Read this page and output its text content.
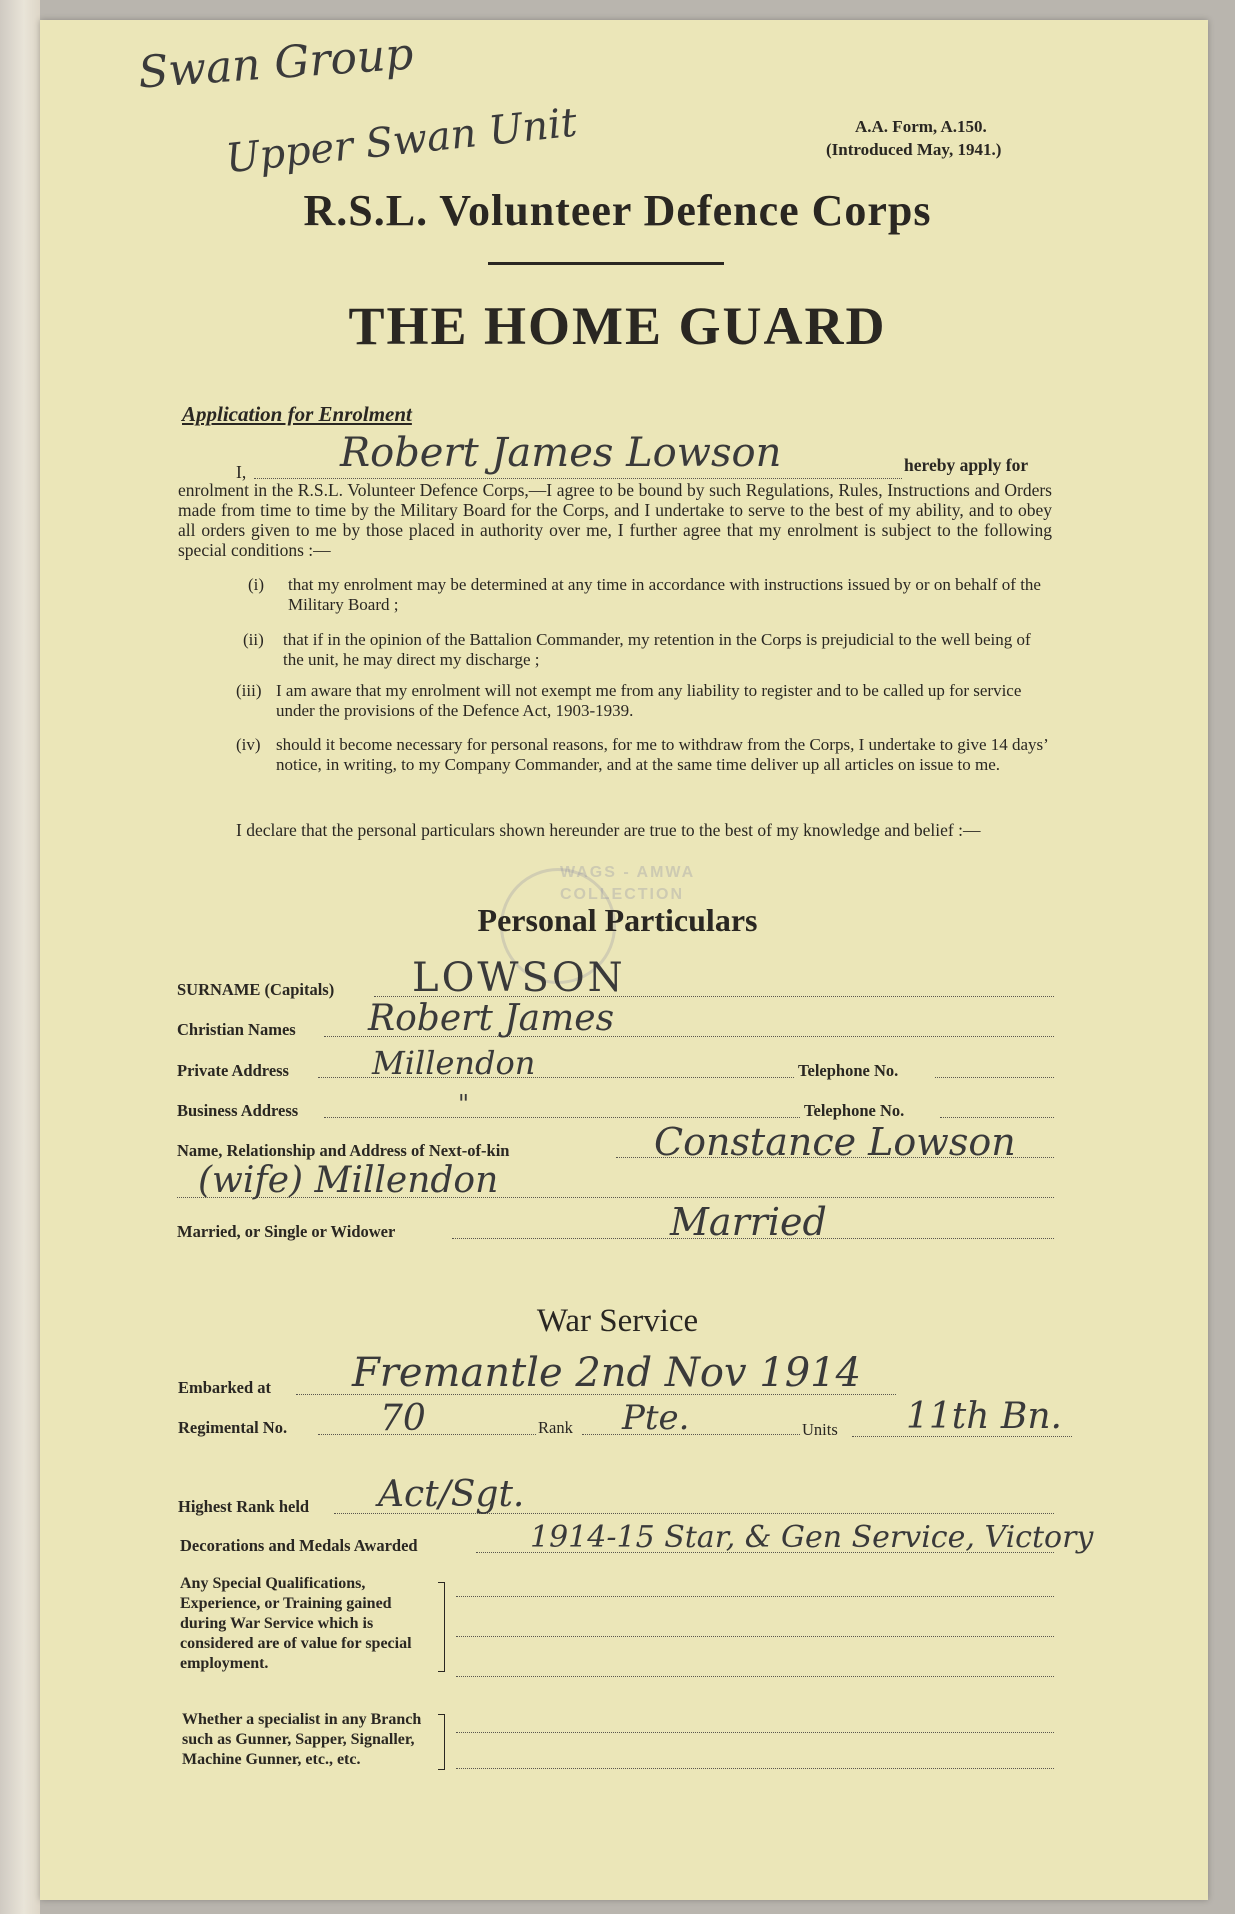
Swan Group
Upper Swan Unit	A.A. Form, A.150.
(Introduced May, 1941.)
R.S.L. Volunteer Defence Corps
THE HOME GUARD
Application for Enrolment
I, Robert James Lowson	hereby apply for
enrolment in the R.S.L. Volunteer Defence Corps,—I agree to be bound by such Regulations, Rules, Instructions and Orders made from time to time by the Military Board for the Corps, and I undertake to serve to the best of my ability, and to obey all orders given to me by those placed in authority over me, I further agree that my enrolment is subject to the following special conditions :—
(i) that my enrolment may be determined at any time in accordance with instructions issued by or on behalf of the Military Board ;
(ii) that if in the opinion of the Battalion Commander, my retention in the Corps is prejudicial to the well being of the unit, he may direct my discharge ;
(iii) I am aware that my enrolment will not exempt me from any liability to register and to be called up for service under the provisions of the Defence Act, 1903-1939.
(iv) should it become necessary for personal reasons, for me to withdraw from the Corps, I undertake to give 14 days’ notice, in writing, to my Company Commander, and at the same time deliver up all articles on issue to me.
I declare that the personal particulars shown hereunder are true to the best of my knowledge and belief :—
WAGS - AMWA
COLLECTION
Personal Particulars
SURNAME (Capitals) LOWSON
Christian Names Robert James
Private Address	Millendon	Telephone No.
Business Address	"	Telephone No.
Name, Relationship and Address of Next-of-kin	Constance Lowson
(wife) Millendon
Married, or Single or Widower	Married
War Service
Embarked at Fremantle 2nd Nov 1914
Regimental No.	70	Rank Pte.	Units 11th Bn.
Highest Rank held Act/Sgt.
Decorations and Medals Awarded	1914-15 Star, & Gen Service, Victory
Any Special Qualifications, Experience, or Training gained during War Service which is considered are of value for special employment.
Whether a specialist in any Branch such as Gunner, Sapper, Signaller, Machine Gunner, etc., etc.
